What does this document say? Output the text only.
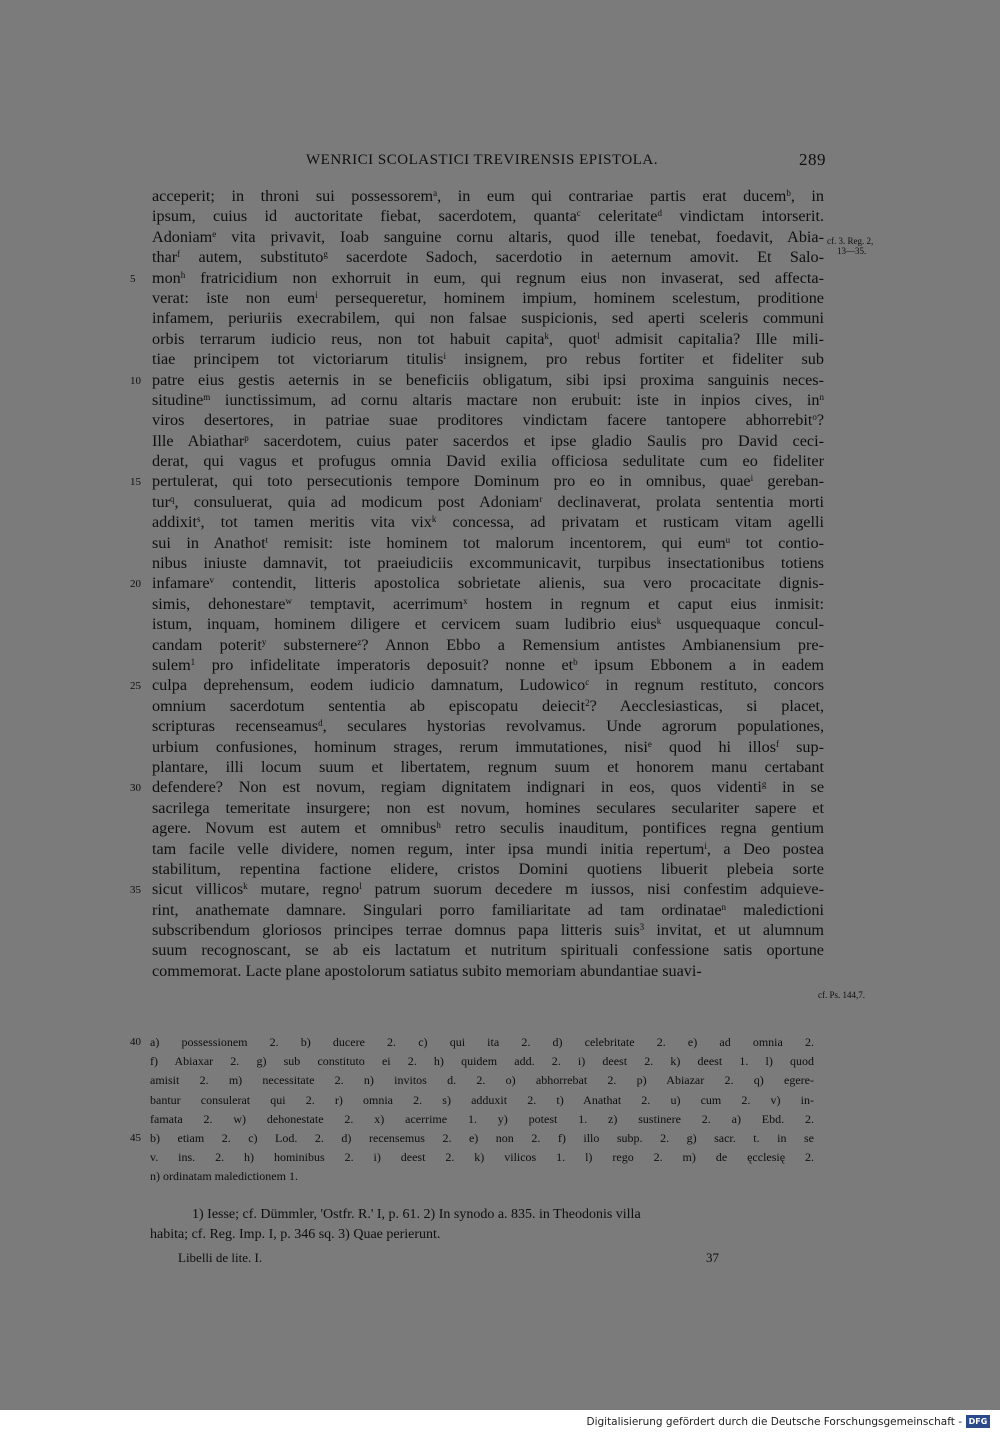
WENRICI SCOLASTICI TREVIRENSIS EPISTOLA.	289
acceperit; in throni sui possessorem$^a$, in eum qui contrariae partis erat ducem$^b$, in
ipsum, cuius id auctoritate fiebat, sacerdotem, quanta$^c$ celeritate$^d$ vindictam intorserit.
Adoniam$^e$ vita privavit, Ioab sanguine cornu altaris, quod ille tenebat, foedavit, Abia-
thar$^f$ autem, substituto$^g$ sacerdote Sadoch, sacerdotio in aeternum amovit. Et Salo-
mon$^h$ fratricidium non exhorruit in eum, qui regnum eius non invaserat, sed affecta-
5
verat: iste non eum$^i$ persequeretur, hominem impium, hominem scelestum, proditione
infamem, periuriis execrabilem, qui non falsae suspicionis, sed aperti sceleris communi
orbis terrarum iudicio reus, non tot habuit capita$^k$, quot$^l$ admisit capitalia? Ille mili-
tiae principem tot victoriarum titulis$^i$ insignem, pro rebus fortiter et fideliter sub
patre eius gestis aeternis in se beneficiis obligatum, sibi ipsi proxima sanguinis neces-
10
situdine$^m$ iunctissimum, ad cornu altaris mactare non erubuit: iste in inpios cives, $in^n$
viros desertores, in patriae suae proditores vindictam facere tantopere abhorrebit$^o$?
Ille Abiathar$^p$ sacerdotem, cuius pater sacerdos et ipse gladio Saulis pro David ceci-
derat, qui vagus et profugus omnia David exilia officiosa sedulitate cum eo fideliter
pertulerat, qui toto persecutionis tempore Dominum pro eo in omnibus, quae$^i$ gereban-
15
tur$^q$, consuluerat, quia ad modicum post Adoniam$^r$ declinaverat, prolata sententia morti
addixit$^s$, tot tamen meritis vita vix$^k$ concessa, ad privatam et rusticam vitam agelli
sui in Anathot$^t$ remisit: iste hominem tot malorum incentorem, qui eum$^u$ tot contio-
nibus iniuste damnavit, tot praeiudiciis excommunicavit, turpibus insectationibus totiens
infamare$^v$ contendit, litteris apostolica sobrietate alienis, sua vero procacitate dignis-
20
simis, dehonestare$^w$ temptavit, acerrimum$^x$ hostem in regnum et caput eius inmisit:
istum, inquam, hominem diligere et cervicem suam ludibrio eius$^k$ usquequaque concul-
candam poterit$^y$ substernere$^z$? Annon Ebbo a Remensium antistes Ambianensium pre-
sulem$^1$ pro infidelitate imperatoris deposuit? nonne $et^b$ ipsum Ebbonem a in eadem
culpa deprehensum, eodem iudicio damnatum, Ludowico$^c$ in regnum restituto, concors
25
omnium sacerdotum sententia ab episcopatu deiecit$^2$? Aecclesiasticas, si placet,
scripturas recenseamus$^d$, seculares hystorias revolvamus. Unde agrorum populationes,
urbium confusiones, hominum strages, rerum immutationes, nisi$^e$ quod hi illos$^f$ sup-
plantare, illi locum suum et libertatem, regnum suum et honorem manu certabant
defendere? Non est novum, regiam dignitatem indignari in eos, quos videnti$^g$ in se
30
sacrilega temeritate insurgere; non est novum, homines seculares seculariter sapere et
agere. Novum est autem et omnibus$^h$ retro seculis inauditum, pontifices regna gentium
tam facile velle dividere, nomen regum, inter ipsa mundi initia repertum$^i$, a Deo postea
stabilitum, repentina factione elidere, cristos Domini quotiens libuerit plebeia sorte
sicut villicos$^k$ mutare, regno$^l$ patrum suorum decedere m iussos, nisi confestim adquieve-
35
rint, anathemate damnare. Singulari porro familiaritate ad tam ordinatae$^n$ maledictioni
subscribendum gloriosos principes terrae domnus papa litteris suis$^3$ invitat, et ut alumnum
suum recognoscant, se ab eis lactatum et nutritum spirituali confessione satis oportune
commemorat. Lacte plane apostolorum satiatus subito memoriam abundantiae suavi-
a) possessionem 2. b) ducere 2. c) qui ita 2. d) celebritate 2. e) ad omnia 2.
40
f) Abiaxar 2. g) sub constituto ei 2. h) quidem add. 2. i) deest 2. k) deest 1. l) quod
amisit 2. m) necessitate 2. n) invitos d. 2. o) abhorrebat 2. p) Abiazar 2. q) egere-
bantur consulerat qui 2. r) omnia 2. s) adduxit 2. t) Anathat 2. u) cum 2. v) in-
famata 2. w) dehonestate 2. x) acerrime 1. y) potest 1. z) sustinere 2. a) Ebd. 2.
b) etiam 2. c) Lod. 2. d) recensemus 2. e) non 2. f) illo subp. 2. g) sacr. t. in se
45
v. ins. 2. h) hominibus 2. i) deest 2. k) vilicos 1. l) rego 2. m) de ęcclesię 2.
n) ordinatam maledictionem 1.
1) Iesse; cf. Dümmler, 'Ostfr. R.' I, p. 61. 2) In synodo a. 835. in Theodonis villa
habita; cf. Reg. Imp. I, p. 346 sq. 3) Quae perierunt.
Libelli de lite. I.	37
cf. 3. Reg. 2,
13—35.
cf. Ps. 144,7.
Digitalisierung gefördert durch die Deutsche Forschungsgemeinschaft - DFG
